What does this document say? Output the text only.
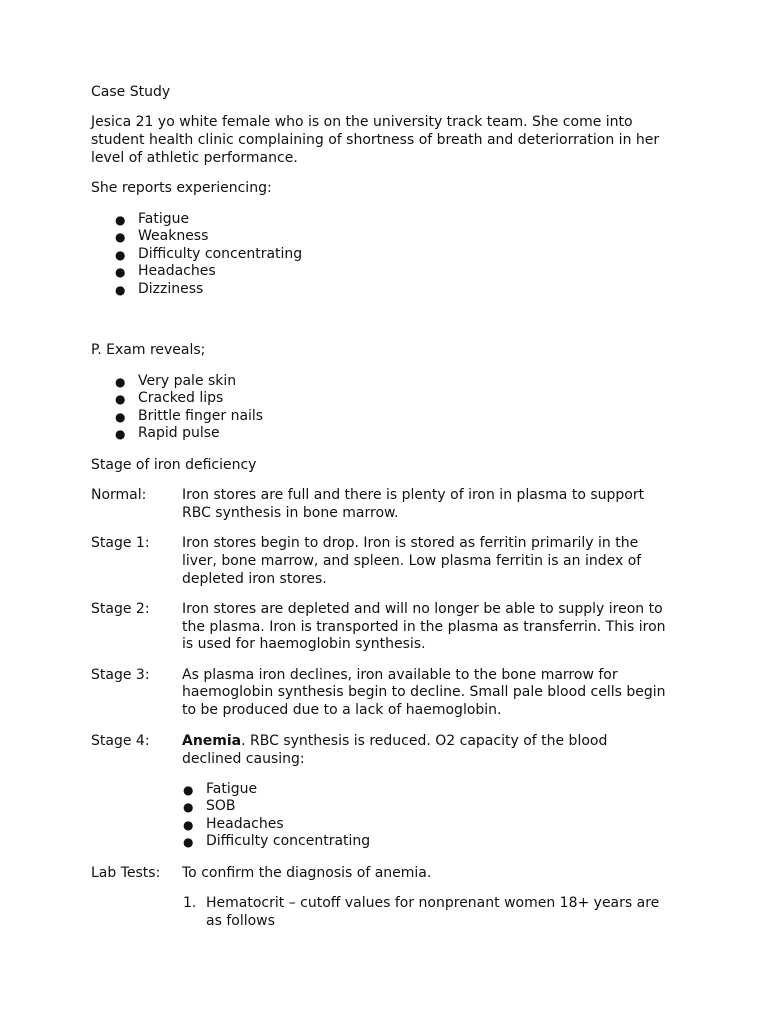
Case Study
Jesica 21 yo white female who is on the university track team. She come into
student health clinic complaining of shortness of breath and deteriorration in her
level of athletic performance.
She reports experiencing:
● Fatigue
● Weakness
● Difficulty concentrating
● Headaches
● Dizziness
P. Exam reveals;
● Very pale skin
● Cracked lips
● Brittle finger nails
● Rapid pulse
Stage of iron deficiency
Normal:	Iron stores are full and there is plenty of iron in plasma to support
RBC synthesis in bone marrow.
Stage 1: Iron stores begin to drop. Iron is stored as ferritin primarily in the
liver, bone marrow, and spleen. Low plasma ferritin is an index of
depleted iron stores.
Stage 2: Iron stores are depleted and will no longer be able to supply ireon to
the plasma. Iron is transported in the plasma as transferrin. This iron
is used for haemoglobin synthesis.
Stage 3: As plasma iron declines, iron available to the bone marrow for
haemoglobin synthesis begin to decline. Small pale blood cells begin
to be produced due to a lack of haemoglobin.
Stage 4: Anemia. RBC synthesis is reduced. O2 capacity of the blood
declined causing:
● Fatigue
● SOB
● Headaches
● Difficulty concentrating
Lab Tests: To confirm the diagnosis of anemia.
1. Hematocrit – cutoff values for nonprenant women 18+ years are
as follows
